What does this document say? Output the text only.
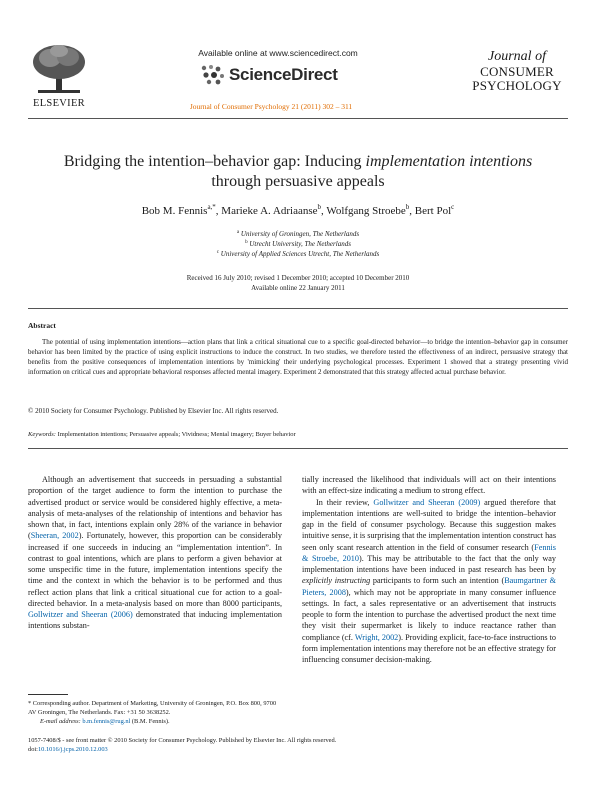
ELSEVIER
Available online at www.sciencedirect.com
ScienceDirect
Journal of Consumer Psychology 21 (2011) 302 – 311
Journal of
CONSUMER
PSYCHOLOGY
Bridging the intention–behavior gap: Inducing implementation intentions
through persuasive appeals
Bob M. Fennis$^{a,*}$, Marieke A. Adriaanse$^b$, Wolfgang Stroebe$^b$, Bert Pol$^c$
$^a$ University of Groningen, The Netherlands
$^b$ Utrecht University, The Netherlands
$^c$ University of Applied Sciences Utrecht, The Netherlands
Received 16 July 2010; revised 1 December 2010; accepted 10 December 2010
Available online 22 January 2011
Abstract

The potential of using implementation intentions—action plans that link a critical situational cue to a specific goal-directed behavior—to bridge the intention–behavior gap in consumer behavior has been limited by the practice of using explicit instructions to induce the construct. In two studies, we therefore tested the effectiveness of an indirect, persuasive strategy that benefits from the positive consequences of implementation intentions by 'mimicking' their underlying psychological processes. Experiment 1 showed that a strategy presenting vivid information on critical cues and appropriate behavioral responses affected mental imagery. Experiment 2 demonstrated that this strategy affected actual purchase behavior.

© 2010 Society for Consumer Psychology. Published by Elsevier Inc. All rights reserved.
Keywords: Implementation intentions; Persuasive appeals; Vividness; Mental imagery; Buyer behavior

Although an advertisement that succeeds in persuading a substantial proportion of the target audience to form the intention to purchase the advertised product or service would be considered highly effective, a meta-analysis of meta-analyses of the relationship of intentions and behavior has shown that, in fact, intentions explain only 28% of the variance in behavior (Sheeran, 2002). Fortunately, however, this proportion can be considerably increased if one succeeds in inducing an “implementation intention”. In contrast to goal intentions, which are plans to perform a given behavior at some unspecific time in the future, implementation intentions specify the time and the context in which the behavior is to be performed and thus reflect action plans that link a critical situational cue for action to a goal-directed behavior. In a meta-analysis based on more than 8000 participants, Gollwitzer and Sheeran (2006) demonstrated that inducing implementation intentions substan-

tially increased the likelihood that individuals will act on their intentions with an effect-size indicating a medium to strong effect.

In their review, Gollwitzer and Sheeran (2009) argued therefore that implementation intentions are well-suited to bridge the intention–behavior gap in the field of consumer psychology. Because this suggestion makes intuitive sense, it is surprising that the implementation intention construct has seen only scant research attention in the field of consumer research (Fennis & Stroebe, 2010). This may be attributable to the fact that the only way implementation intentions have been induced in past research has been by explicitly instructing participants to form such an intention (Baumgartner & Pieters, 2008), which may not be appropriate in many consumer influence settings. In fact, a sales representative or an advertisement that instructs people to form the intention to purchase the advertised product the next time they visit their supermarket is likely to induce reactance rather than compliance (cf. Wright, 2002). Providing explicit, face-to-face instructions to form implementation intentions may therefore not be an effective strategy for influencing consumer decision-making.

* Corresponding author. Department of Marketing, University of Groningen, P.O. Box 800, 9700 AV Groningen, The Netherlands. Fax: +31 50 3638252.
E-mail address: b.m.fennis@rug.nl (B.M. Fennis).
1057-7408/$ - see front matter © 2010 Society for Consumer Psychology. Published by Elsevier Inc. All rights reserved.
doi:10.1016/j.jcps.2010.12.003
